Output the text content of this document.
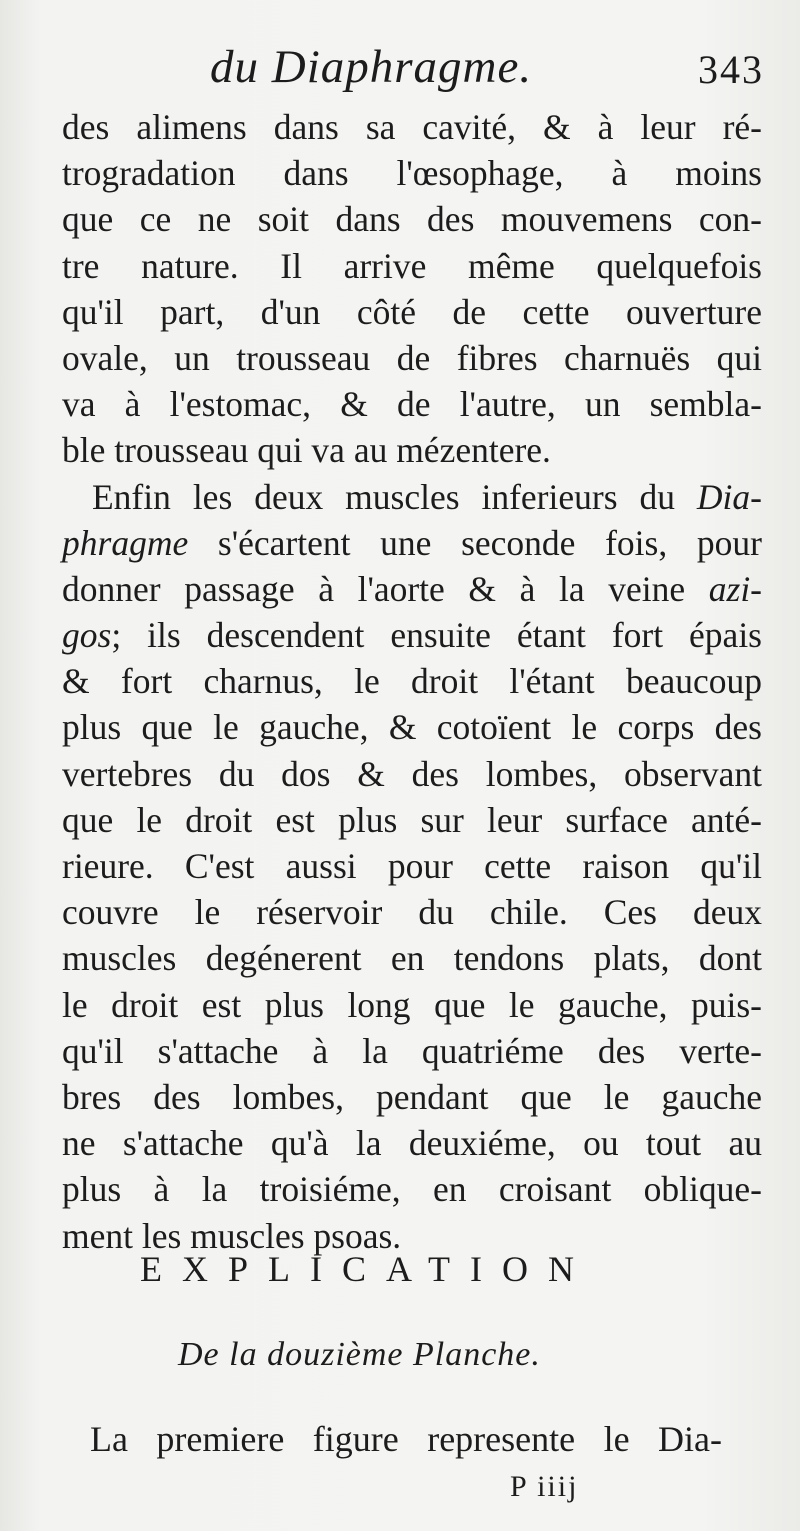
du Diaphragme.	343
des alimens dans sa cavité, & à leur ré-
trogradation dans l'œsophage, à moins
que ce ne soit dans des mouvemens con-
tre nature. Il arrive même quelquefois
qu'il part, d'un côté de cette ouverture
ovale, un trousseau de fibres charnuës qui
va à l'estomac, & de l'autre, un sembla-
ble trousseau qui va au mézentere.
Enfin les deux muscles inferieurs du Dia-
phragme s'écartent une seconde fois, pour
donner passage à l'aorte & à la veine azi-
gos; ils descendent ensuite étant fort épais
& fort charnus, le droit l'étant beaucoup
plus que le gauche, & cotoïent le corps des
vertebres du dos & des lombes, observant
que le droit est plus sur leur surface anté-
rieure. C'est aussi pour cette raison qu'il
couvre le réservoir du chile. Ces deux
muscles degénerent en tendons plats, dont
le droit est plus long que le gauche, puis-
qu'il s'attache à la quatriéme des verte-
bres des lombes, pendant que le gauche
ne s'attache qu'à la deuxiéme, ou tout au
plus à la troisiéme, en croisant oblique-
ment les muscles psoas.
EXPLICATION
De la douzième Planche.
La premiere figure represente le Dia-
P iiij
